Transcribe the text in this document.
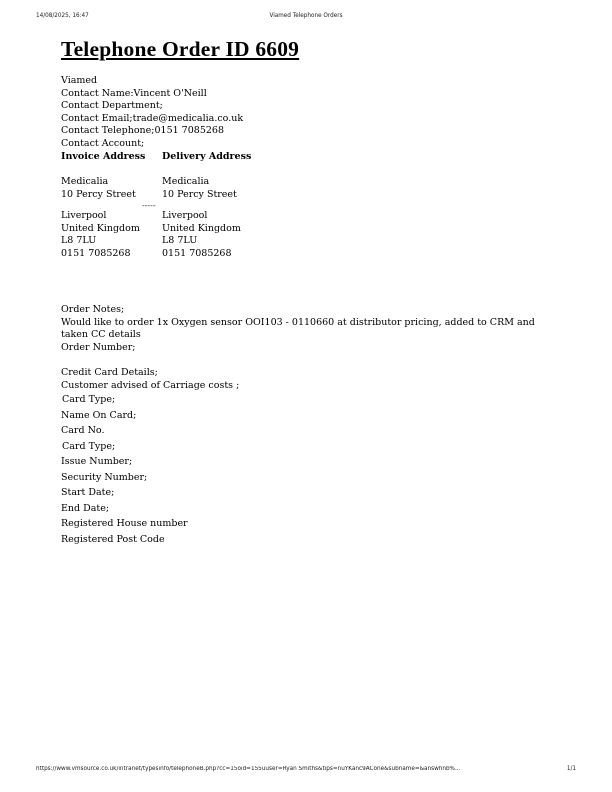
14/08/2025, 16:47	Viamed Telephone Orders
Telephone Order ID 6609
Viamed
Contact Name:Vincent O'Neill
Contact Department;
Contact Email;trade@medicalia.co.uk
Contact Telephone;0151 7085268
Contact Account;
Invoice Address	Delivery Address

Medicalia	Medicalia
10 Percy Street	10 Percy Street

-----	

Liverpool	Liverpool
United Kingdom	United Kingdom
L8 7LU	L8 7LU
0151 7085268	0151 7085268
Order Notes;
Would like to order 1x Oxygen sensor OOI103 - 0110660 at distributor pricing, added to CRM and taken CC details
Order Number;
Credit Card Details;
Customer advised of Carriage costs ;
Card Type;
Name On Card;
Card No.
Card Type;
Issue Number;
Security Number;
Start Date;
End Date;
Registered House number
Registered Post Code
https://www.vmsource.co.uk/intranet/typesinfo/telephoneB.php?cc=15oid=155uuser=Ryan Smiths&tips=nuYKanc9ACone&subname=&answhnb%...	1/1
